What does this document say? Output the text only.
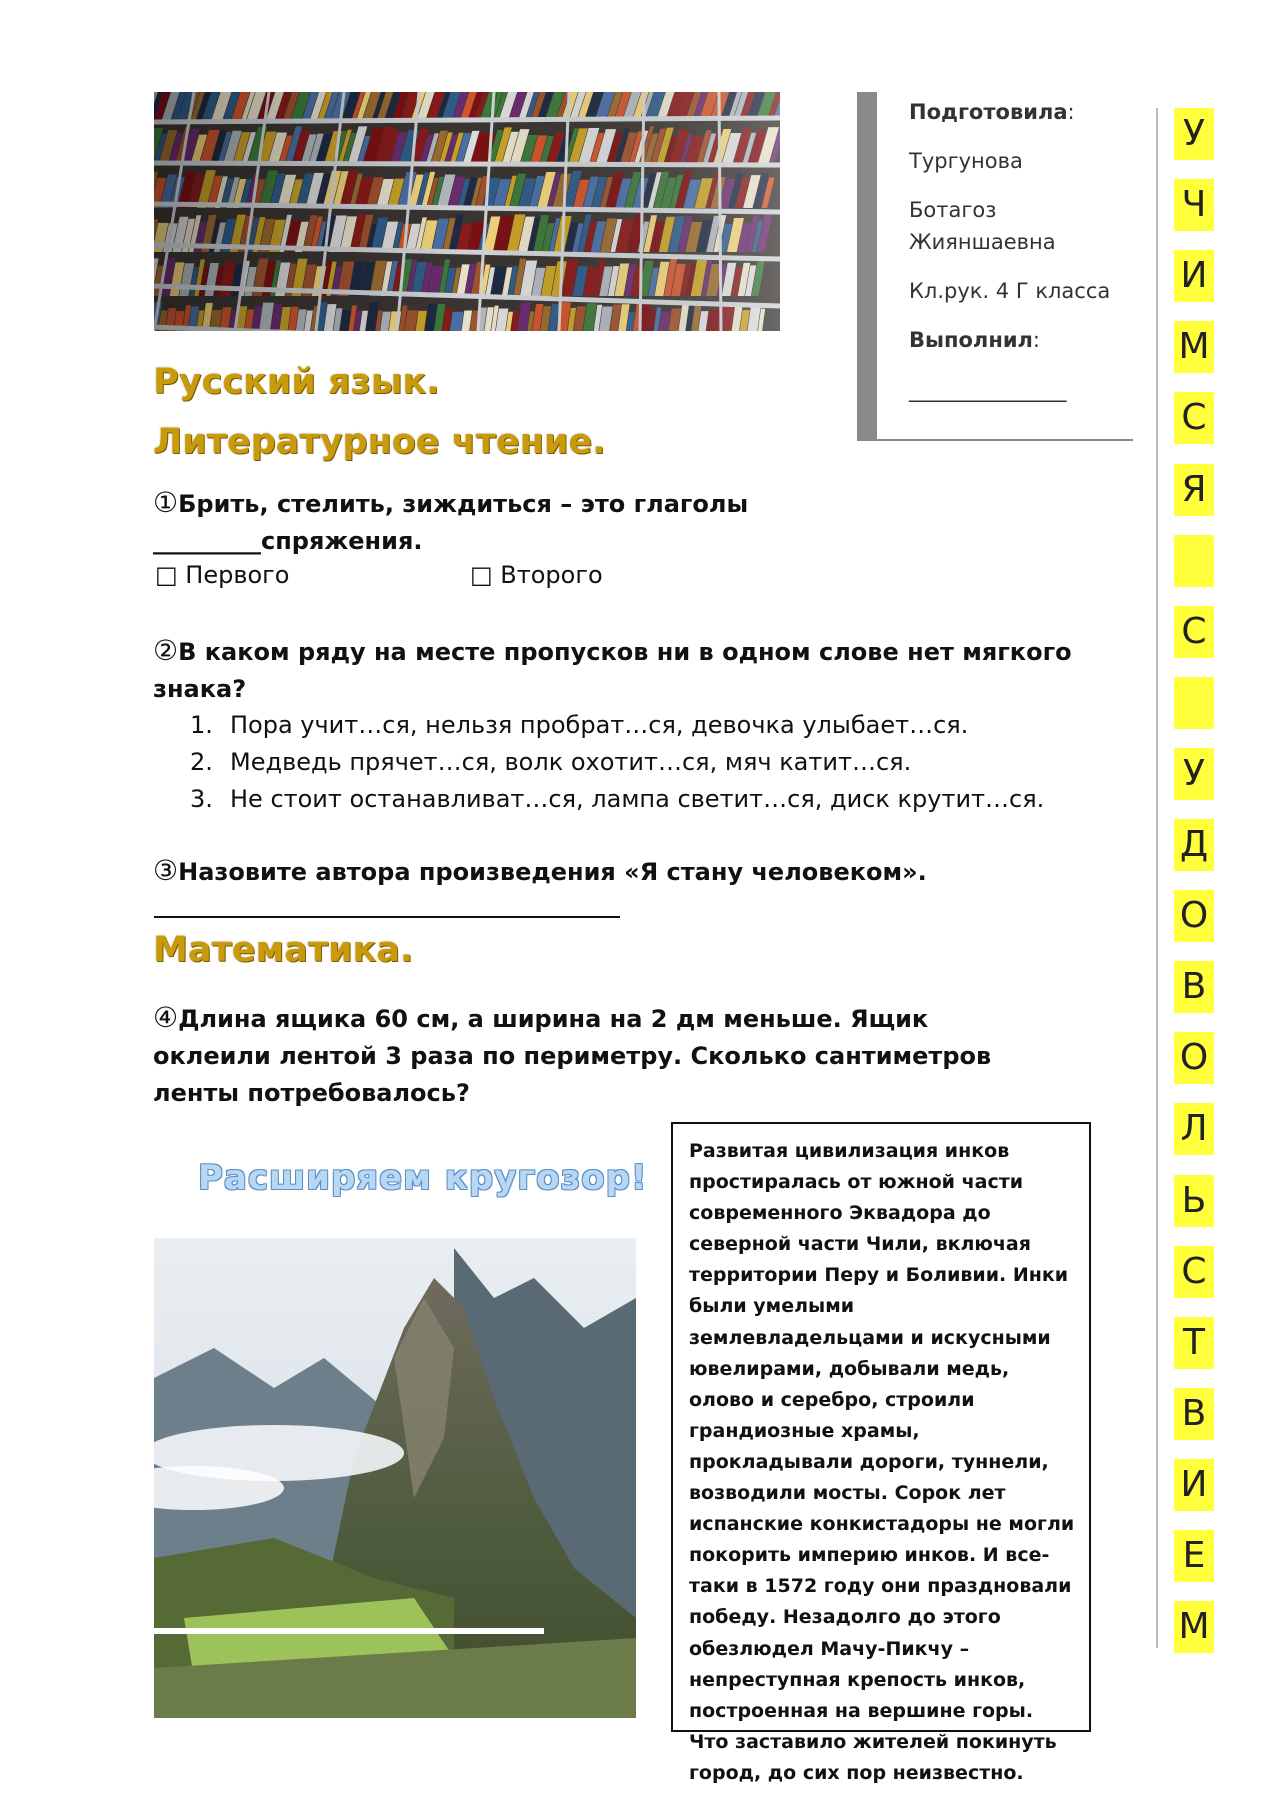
Подготовила:
Тургунова
Ботагоз
Жияншаевна
Кл.рук. 4 Г класса
Выполнил:
_______________
У
Ч
И
М
С
Я
С
У
Д
О
В
О
Л
Ь
С
Т
В
И
Е
М
Русский язык. Литературное чтение.
①Брить, стелить, зиждиться – это глаголы
_________спряжения.
□ Первого	□ Второго
②В каком ряду на месте пропусков ни в одном слове нет мягкого знака?
1. Пора учит…ся, нельзя пробрат…ся, девочка улыбает…ся.
2. Медведь прячет…ся, волк охотит…ся, мяч катит…ся.
3. Не стоит останавливат…ся, лампа светит…ся, диск крутит…ся.
③Назовите автора произведения «Я стану человеком».
Математика.
④Длина ящика 60 см, а ширина на 2 дм меньше. Ящик оклеили лентой 3 раза по периметру. Сколько сантиметров ленты потребовалось?
Расширяем кругозор!
Развитая цивилизация инков простиралась от южной части современного Эквадора до северной части Чили, включая территории Перу и Боливии. Инки были умелыми землевладельцами и искусными ювелирами, добывали медь, олово и серебро, строили грандиозные храмы, прокладывали дороги, туннели, возводили мосты. Сорок лет испанские конкистадоры не могли покорить империю инков. И все-таки в 1572 году они праздновали победу. Незадолго до этого обезлюдел Мачу-Пикчу – непреступная крепость инков, построенная на вершине горы. Что заставило жителей покинуть город, до сих пор неизвестно.
